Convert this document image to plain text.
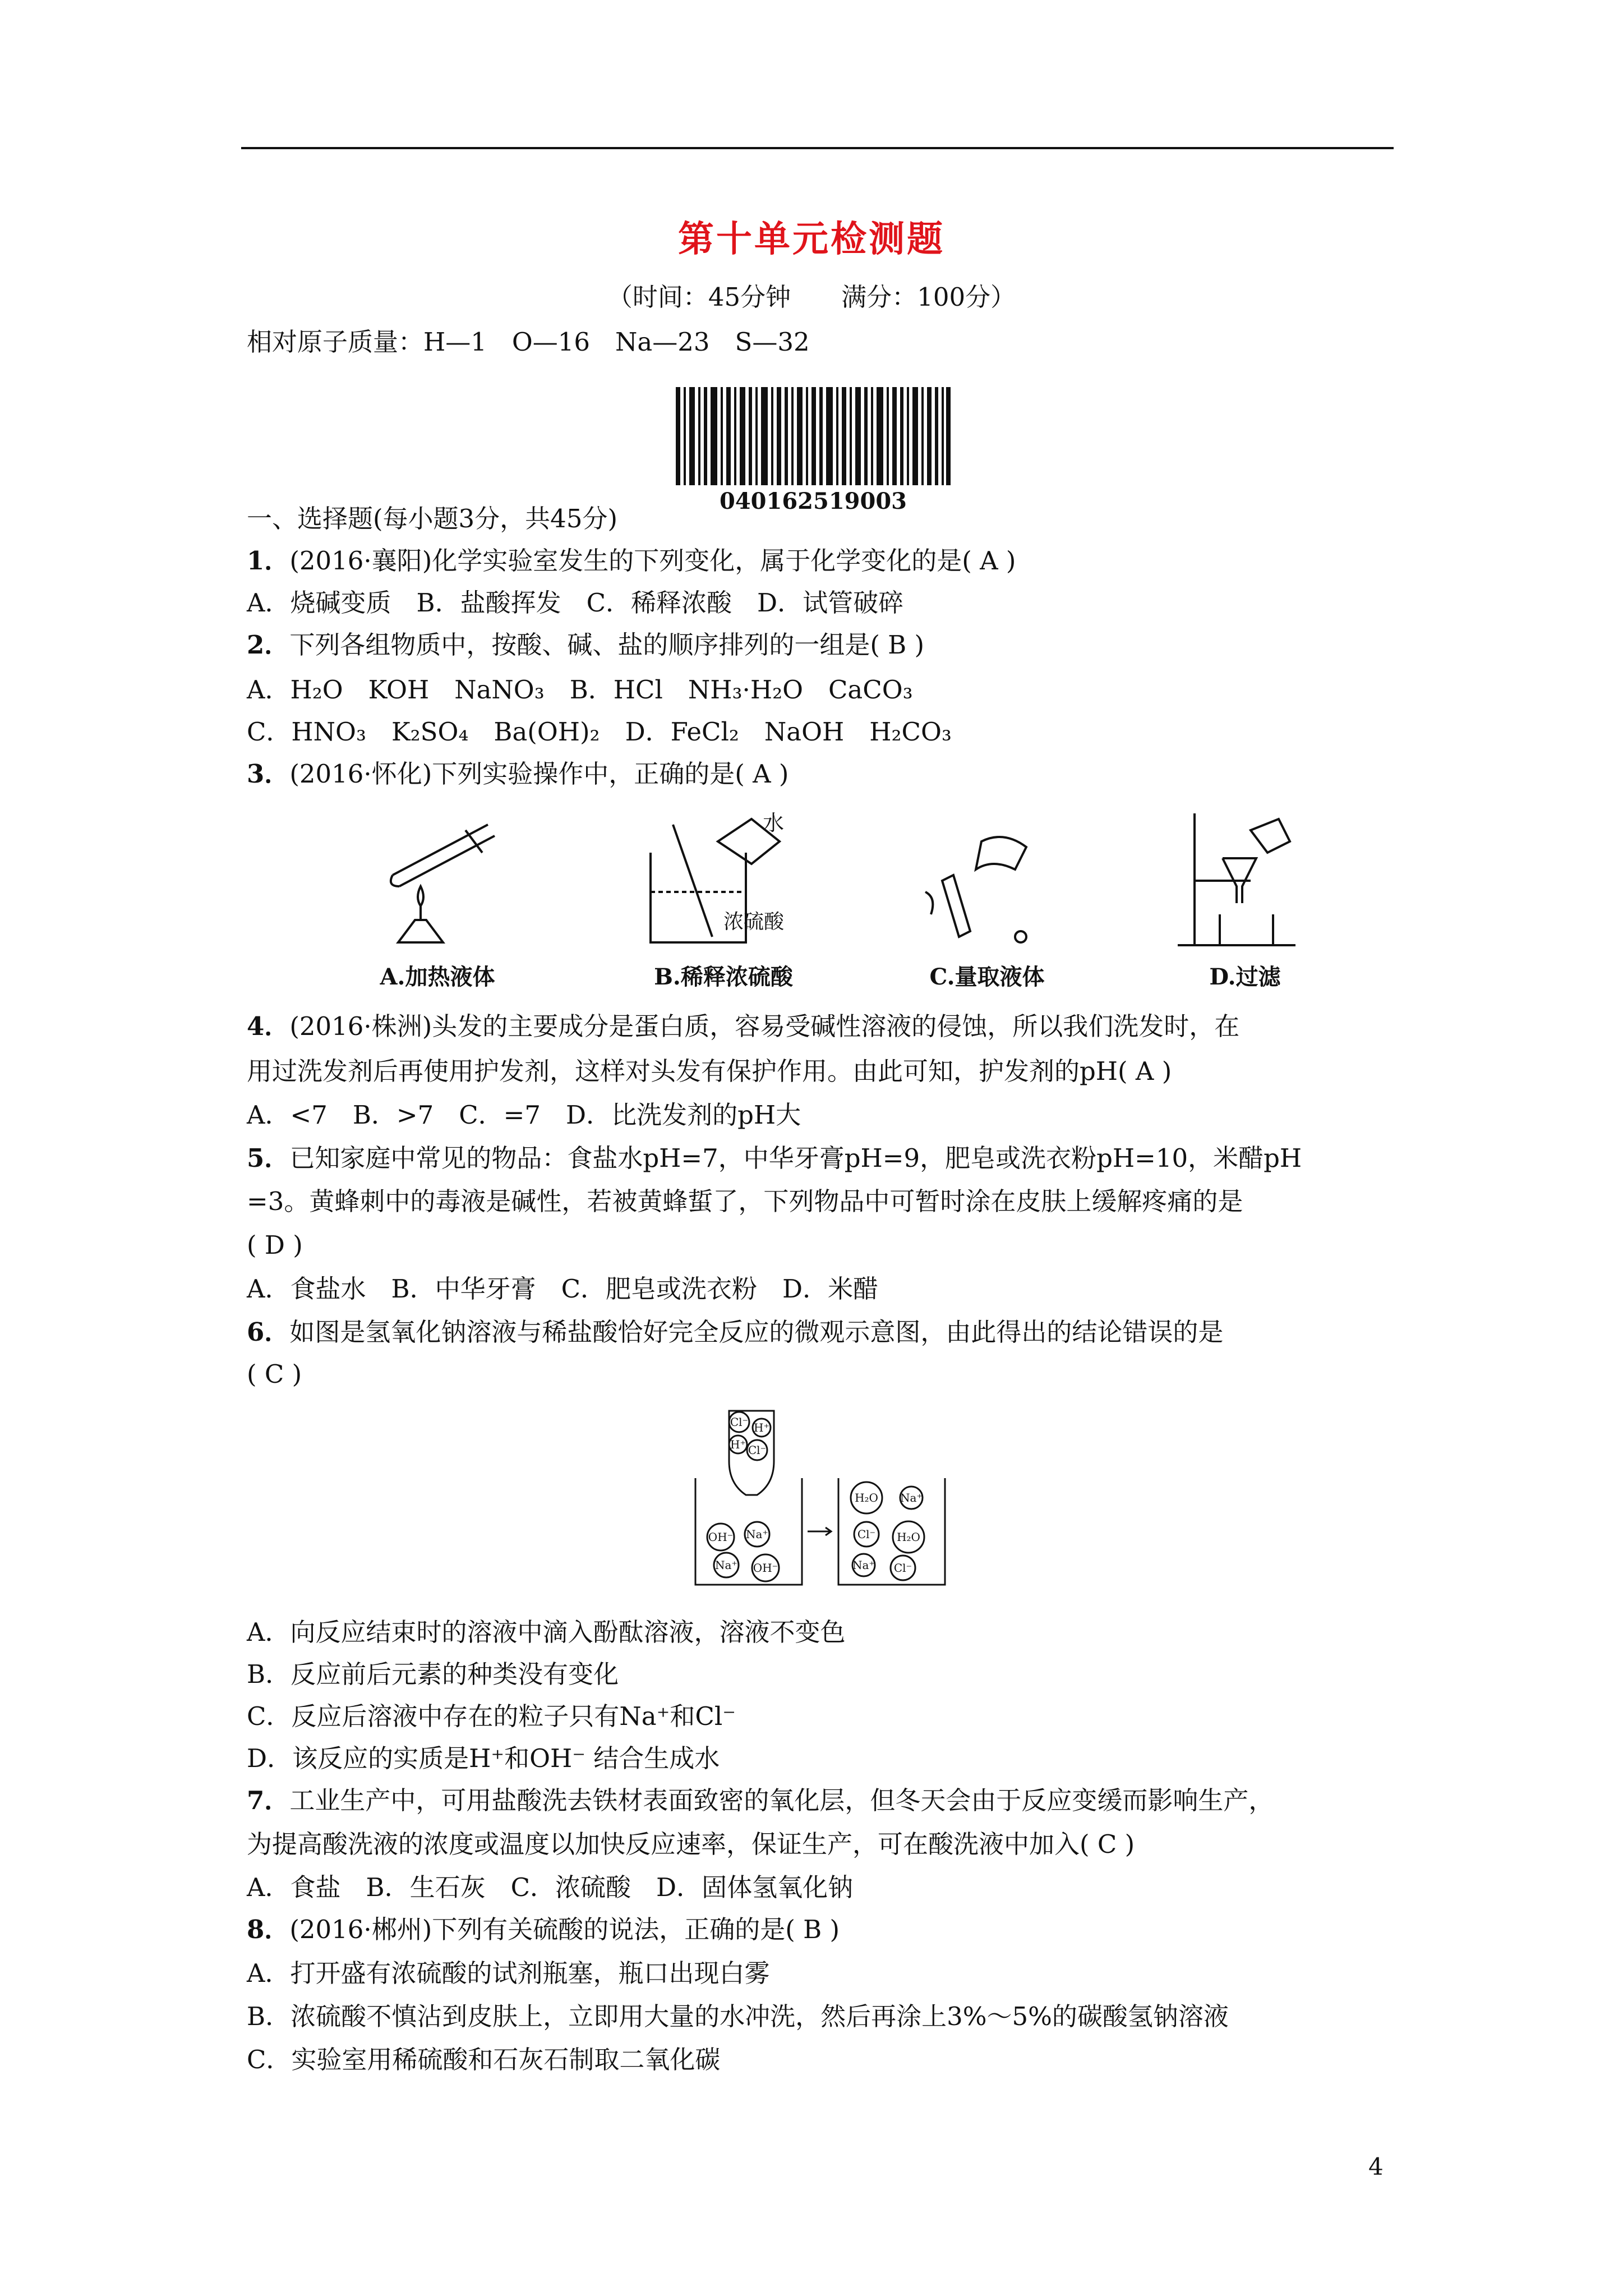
第十单元检测题
（时间：45分钟　　满分：100分）
相对原子质量：H—1　O—16　Na—23　S—32
040162519003
一、选择题(每小题3分，共45分)
1．(2016·襄阳)化学实验室发生的下列变化，属于化学变化的是( A )
A．烧碱变质　B．盐酸挥发　C．稀释浓酸　D．试管破碎
2．下列各组物质中，按酸、碱、盐的顺序排列的一组是( B )
A．H₂O　KOH　NaNO₃　B．HCl　NH₃·H₂O　CaCO₃
C．HNO₃　K₂SO₄　Ba(OH)₂　D．FeCl₂　NaOH　H₂CO₃
3．(2016·怀化)下列实验操作中，正确的是( A )
水
浓硫酸
A.加热液体	B.稀释浓硫酸	C.量取液体	D.过滤
4．(2016·株洲)头发的主要成分是蛋白质，容易受碱性溶液的侵蚀，所以我们洗发时，在
用过洗发剂后再使用护发剂，这样对头发有保护作用。由此可知，护发剂的pH( A )
A．<7　B．>7　C．=7　D．比洗发剂的pH大
5．已知家庭中常见的物品：食盐水pH=7，中华牙膏pH=9，肥皂或洗衣粉pH=10，米醋pH
=3。黄蜂刺中的毒液是碱性，若被黄蜂蜇了，下列物品中可暂时涂在皮肤上缓解疼痛的是
( D )
A．食盐水　B．中华牙膏　C．肥皂或洗衣粉　D．米醋
6．如图是氢氧化钠溶液与稀盐酸恰好完全反应的微观示意图，由此得出的结论错误的是
( C )
Cl⁻ H⁺
H⁺ Cl⁻
OH⁻ Na⁺
Na⁺ OH⁻
H₂O Na⁺
Cl⁻ H₂O
Na⁺ Cl⁻
A．向反应结束时的溶液中滴入酚酞溶液，溶液不变色
B．反应前后元素的种类没有变化
C．反应后溶液中存在的粒子只有Na⁺和Cl⁻
D．该反应的实质是H⁺和OH⁻ 结合生成水
7．工业生产中，可用盐酸洗去铁材表面致密的氧化层，但冬天会由于反应变缓而影响生产，
为提高酸洗液的浓度或温度以加快反应速率，保证生产，可在酸洗液中加入( C )
A．食盐　B．生石灰　C．浓硫酸　D．固体氢氧化钠
8．(2016·郴州)下列有关硫酸的说法，正确的是( B )
A．打开盛有浓硫酸的试剂瓶塞，瓶口出现白雾
B．浓硫酸不慎沾到皮肤上，立即用大量的水冲洗，然后再涂上3%～5%的碳酸氢钠溶液
C．实验室用稀硫酸和石灰石制取二氧化碳
4
